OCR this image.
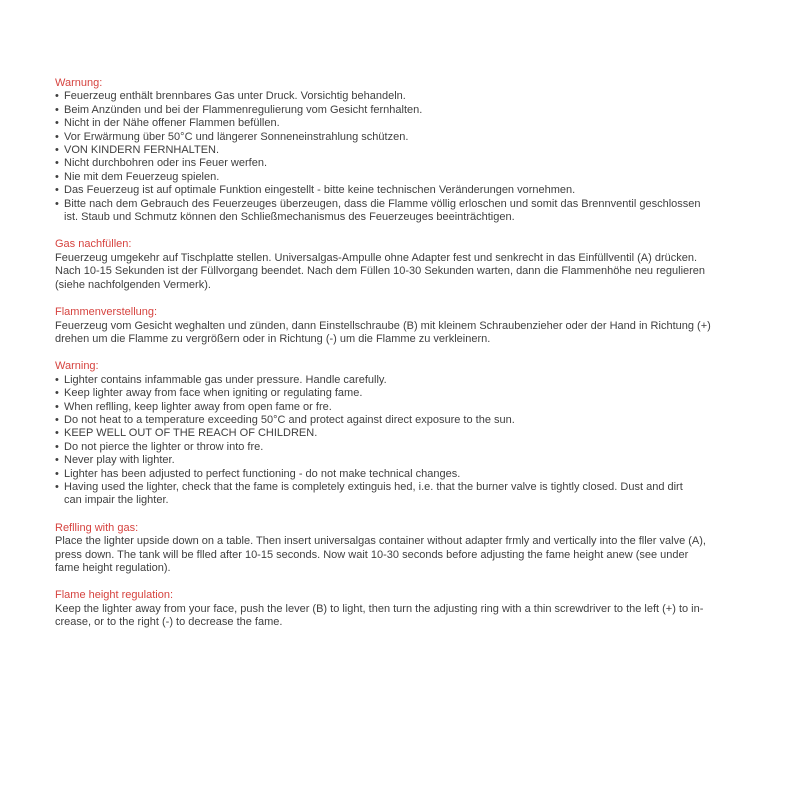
Warnung:
• Feuerzeug enthält brennbares Gas unter Druck. Vorsichtig behandeln.
• Beim Anzünden und bei der Flammenregulierung vom Gesicht fernhalten.
• Nicht in der Nähe offener Flammen befüllen.
• Vor Erwärmung über 50°C und längerer Sonneneinstrahlung schützen.
• VON KINDERN FERNHALTEN.
• Nicht durchbohren oder ins Feuer werfen.
• Nie mit dem Feuerzeug spielen.
• Das Feuerzeug ist auf optimale Funktion eingestellt - bitte keine technischen Veränderungen vornehmen.
• Bitte nach dem Gebrauch des Feuerzeuges überzeugen, dass die Flamme völlig erloschen und somit das Brennventil geschlossen
ist. Staub und Schmutz können den Schließmechanismus des Feuerzeuges beeinträchtigen.
Gas nachfüllen:
Feuerzeug umgekehr auf Tischplatte stellen. Universalgas-Ampulle ohne Adapter fest und senkrecht in das Einfüllventil (A) drücken.
Nach 10-15 Sekunden ist der Füllvorgang beendet. Nach dem Füllen 10-30 Sekunden warten, dann die Flammenhöhe neu regulieren
(siehe nachfolgenden Vermerk).
Flammenverstellung:
Feuerzeug vom Gesicht weghalten und zünden, dann Einstellschraube (B) mit kleinem Schraubenzieher oder der Hand in Richtung (+)
drehen um die Flamme zu vergrößern oder in Richtung (-) um die Flamme zu verkleinern.
Warning:
• Lighter contains infammable gas under pressure. Handle carefully.
• Keep lighter away from face when igniting or regulating fame.
• When reflling, keep lighter away from open fame or fre.
• Do not heat to a temperature exceeding 50°C and protect against direct exposure to the sun.
• KEEP WELL OUT OF THE REACH OF CHILDREN.
• Do not pierce the lighter or throw into fre.
• Never play with lighter.
• Lighter has been adjusted to perfect functioning - do not make technical changes.
• Having used the lighter, check that the fame is completely extinguis hed, i.e. that the burner valve is tightly closed. Dust and dirt
can impair the lighter.
Reflling with gas:
Place the lighter upside down on a table. Then insert universalgas container without adapter frmly and vertically into the fller valve (A),
press down. The tank will be flled after 10-15 seconds. Now wait 10-30 seconds before adjusting the fame height anew (see under
fame height regulation).
Flame height regulation:
Keep the lighter away from your face, push the lever (B) to light, then turn the adjusting ring with a thin screwdriver to the left (+) to in-
crease, or to the right (-) to decrease the fame.
